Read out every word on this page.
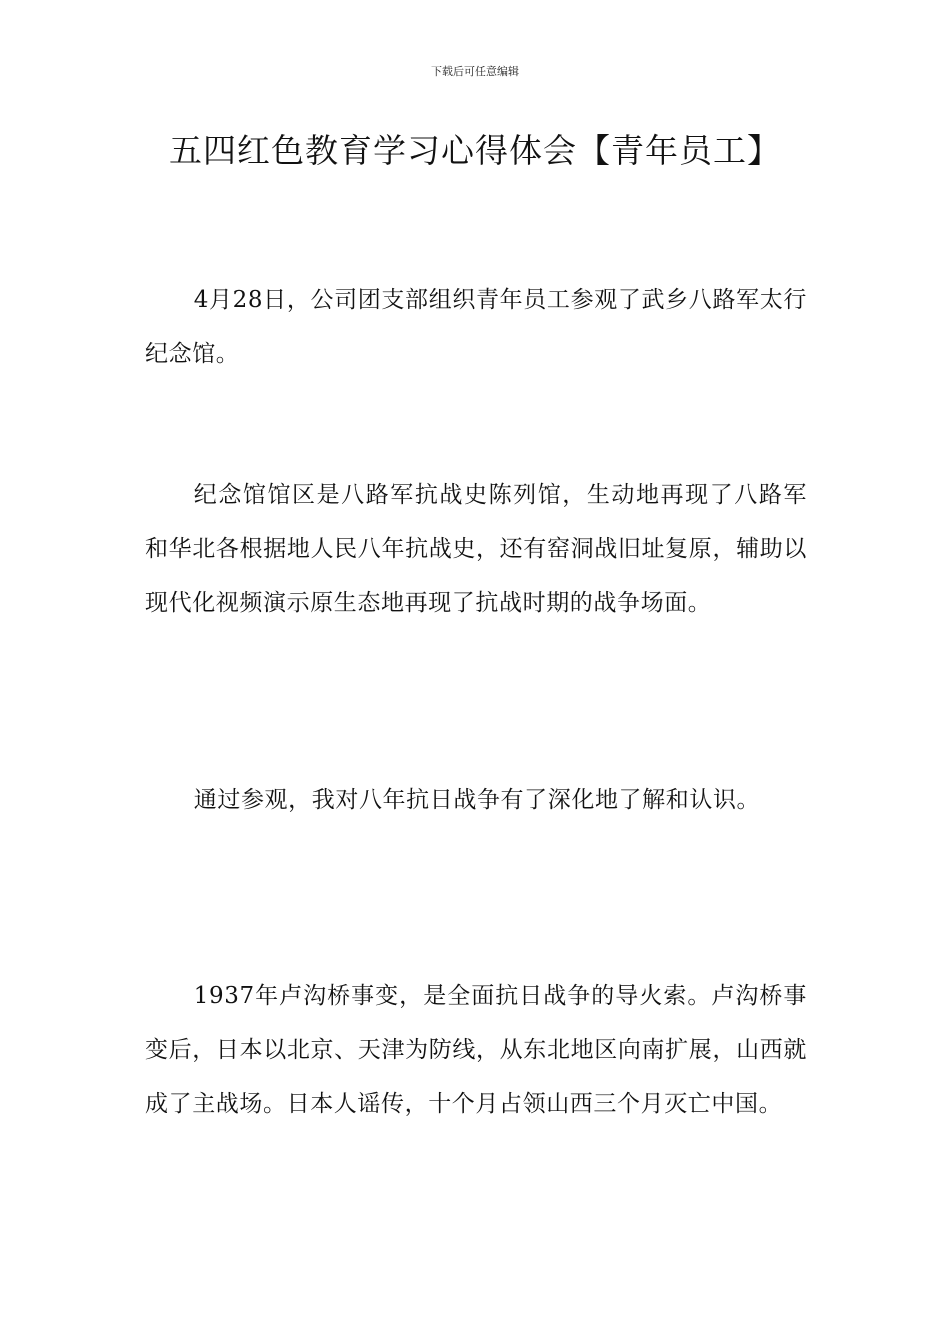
下载后可任意编辑
五四红色教育学习心得体会【青年员工】

4月28日，公司团支部组织青年员工参观了武乡八路军太行纪念馆。

纪念馆馆区是八路军抗战史陈列馆，生动地再现了八路军和华北各根据地人民八年抗战史，还有窑洞战旧址复原，辅助以现代化视频演示原生态地再现了抗战时期的战争场面。

通过参观，我对八年抗日战争有了深化地了解和认识。

1937年卢沟桥事变，是全面抗日战争的导火索。卢沟桥事变后，日本以北京、天津为防线，从东北地区向南扩展，山西就成了主战场。日本人谣传，十个月占领山西三个月灭亡中国。
